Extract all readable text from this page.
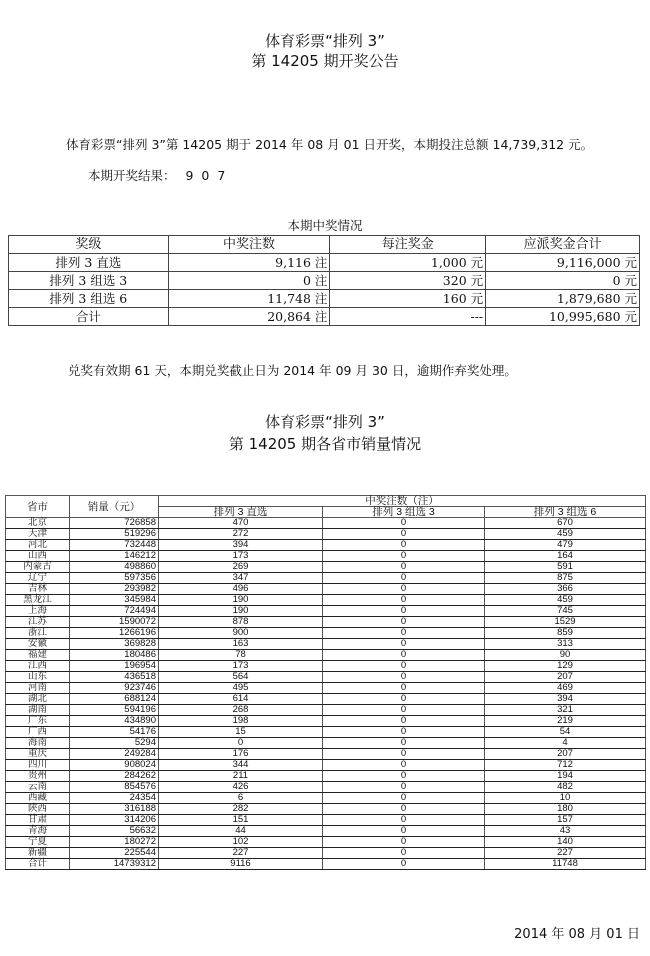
体育彩票“排列 3”
第 14205 期开奖公告
体育彩票“排列 3”第 14205 期于 2014 年 08 月 01 日开奖，本期投注总额 14,739,312 元。
本期开奖结果： 9 0 7
本期中奖情况
奖级	中奖注数	每注奖金	应派奖金合计
排列 3 直选	9,116 注	1,000 元	9,116,000 元
排列 3 组选 3	0 注	320 元	0 元
排列 3 组选 6	11,748 注	160 元	1,879,680 元
合计	20,864 注	---	10,995,680 元
兑奖有效期 61 天，本期兑奖截止日为 2014 年 09 月 30 日，逾期作弃奖处理。
体育彩票“排列 3”
第 14205 期各省市销量情况
省市	销量（元）	中奖注数（注）		
		排列 3 直选	排列 3 组选 3	排列 3 组选 6
北京	726858	470	0	670
天津	519296	272	0	459
河北	732448	394	0	479
山西	146212	173	0	164
内蒙古	498860	269	0	591
辽宁	597356	347	0	875
吉林	293982	496	0	366
黑龙江	345984	190	0	459
上海	724494	190	0	745
江苏	1590072	878	0	1529
浙江	1266196	900	0	859
安徽	369828	163	0	313
福建	180486	78	0	90
江西	196954	173	0	129
山东	436518	564	0	207
河南	923746	495	0	469
湖北	688124	614	0	394
湖南	594196	268	0	321
广东	434890	198	0	219
广西	54176	15	0	54
海南	5294	0	0	4
重庆	249284	176	0	207
四川	908024	344	0	712
贵州	284262	211	0	194
云南	854576	426	0	482
西藏	24354	6	0	10
陕西	316188	282	0	180
甘肃	314206	151	0	157
青海	56632	44	0	43
宁夏	180272	102	0	140
新疆	225544	227	0	227
合计	14739312	9116	0	11748
2014 年 08 月 01 日
